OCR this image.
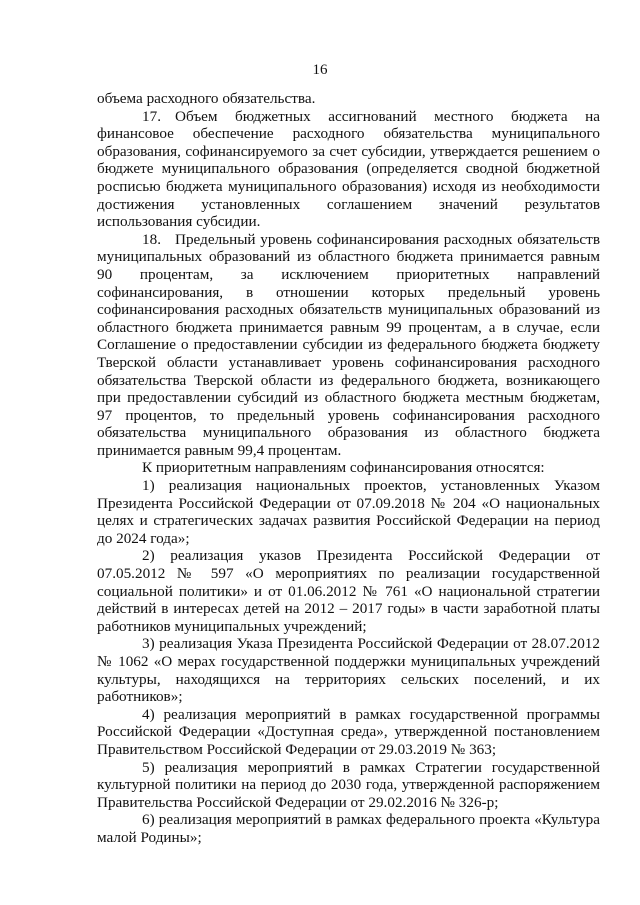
16

объема расходного обязательства.

17. Объем бюджетных ассигнований местного бюджета на финансовое обеспечение расходного обязательства муниципального образования, софинансируемого за счет субсидии, утверждается решением о бюджете муниципального образования (определяется сводной бюджетной росписью бюджета муниципального образования) исходя из необходимости достижения установленных соглашением значений результатов использования субсидии.

18. Предельный уровень софинансирования расходных обязательств муниципальных образований из областного бюджета принимается равным 90 процентам, за исключением приоритетных направлений софинансирования, в отношении которых предельный уровень софинансирования расходных обязательств муниципальных образований из областного бюджета принимается равным 99 процентам, а в случае, если Соглашение о предоставлении субсидии из федерального бюджета бюджету Тверской области устанавливает уровень софинансирования расходного обязательства Тверской области из федерального бюджета, возникающего при предоставлении субсидий из областного бюджета местным бюджетам, 97 процентов, то предельный уровень софинансирования расходного обязательства муниципального образования из областного бюджета принимается равным 99,4 процентам.

К приоритетным направлениям софинансирования относятся:

1) реализация национальных проектов, установленных Указом Президента Российской Федерации от 07.09.2018 № 204 «О национальных целях и стратегических задачах развития Российской Федерации на период до 2024 года»;

2) реализация указов Президента Российской Федерации от 07.05.2012 № 597 «О мероприятиях по реализации государственной социальной политики» и от 01.06.2012 № 761 «О национальной стратегии действий в интересах детей на 2012 – 2017 годы» в части заработной платы работников муниципальных учреждений;

3) реализация Указа Президента Российской Федерации от 28.07.2012 № 1062 «О мерах государственной поддержки муниципальных учреждений культуры, находящихся на территориях сельских поселений, и их работников»;

4) реализация мероприятий в рамках государственной программы Российской Федерации «Доступная среда», утвержденной постановлением Правительством Российской Федерации от 29.03.2019 № 363;

5) реализация мероприятий в рамках Стратегии государственной культурной политики на период до 2030 года, утвержденной распоряжением Правительства Российской Федерации от 29.02.2016 № 326-р;

6) реализация мероприятий в рамках федерального проекта «Культура малой Родины»;
